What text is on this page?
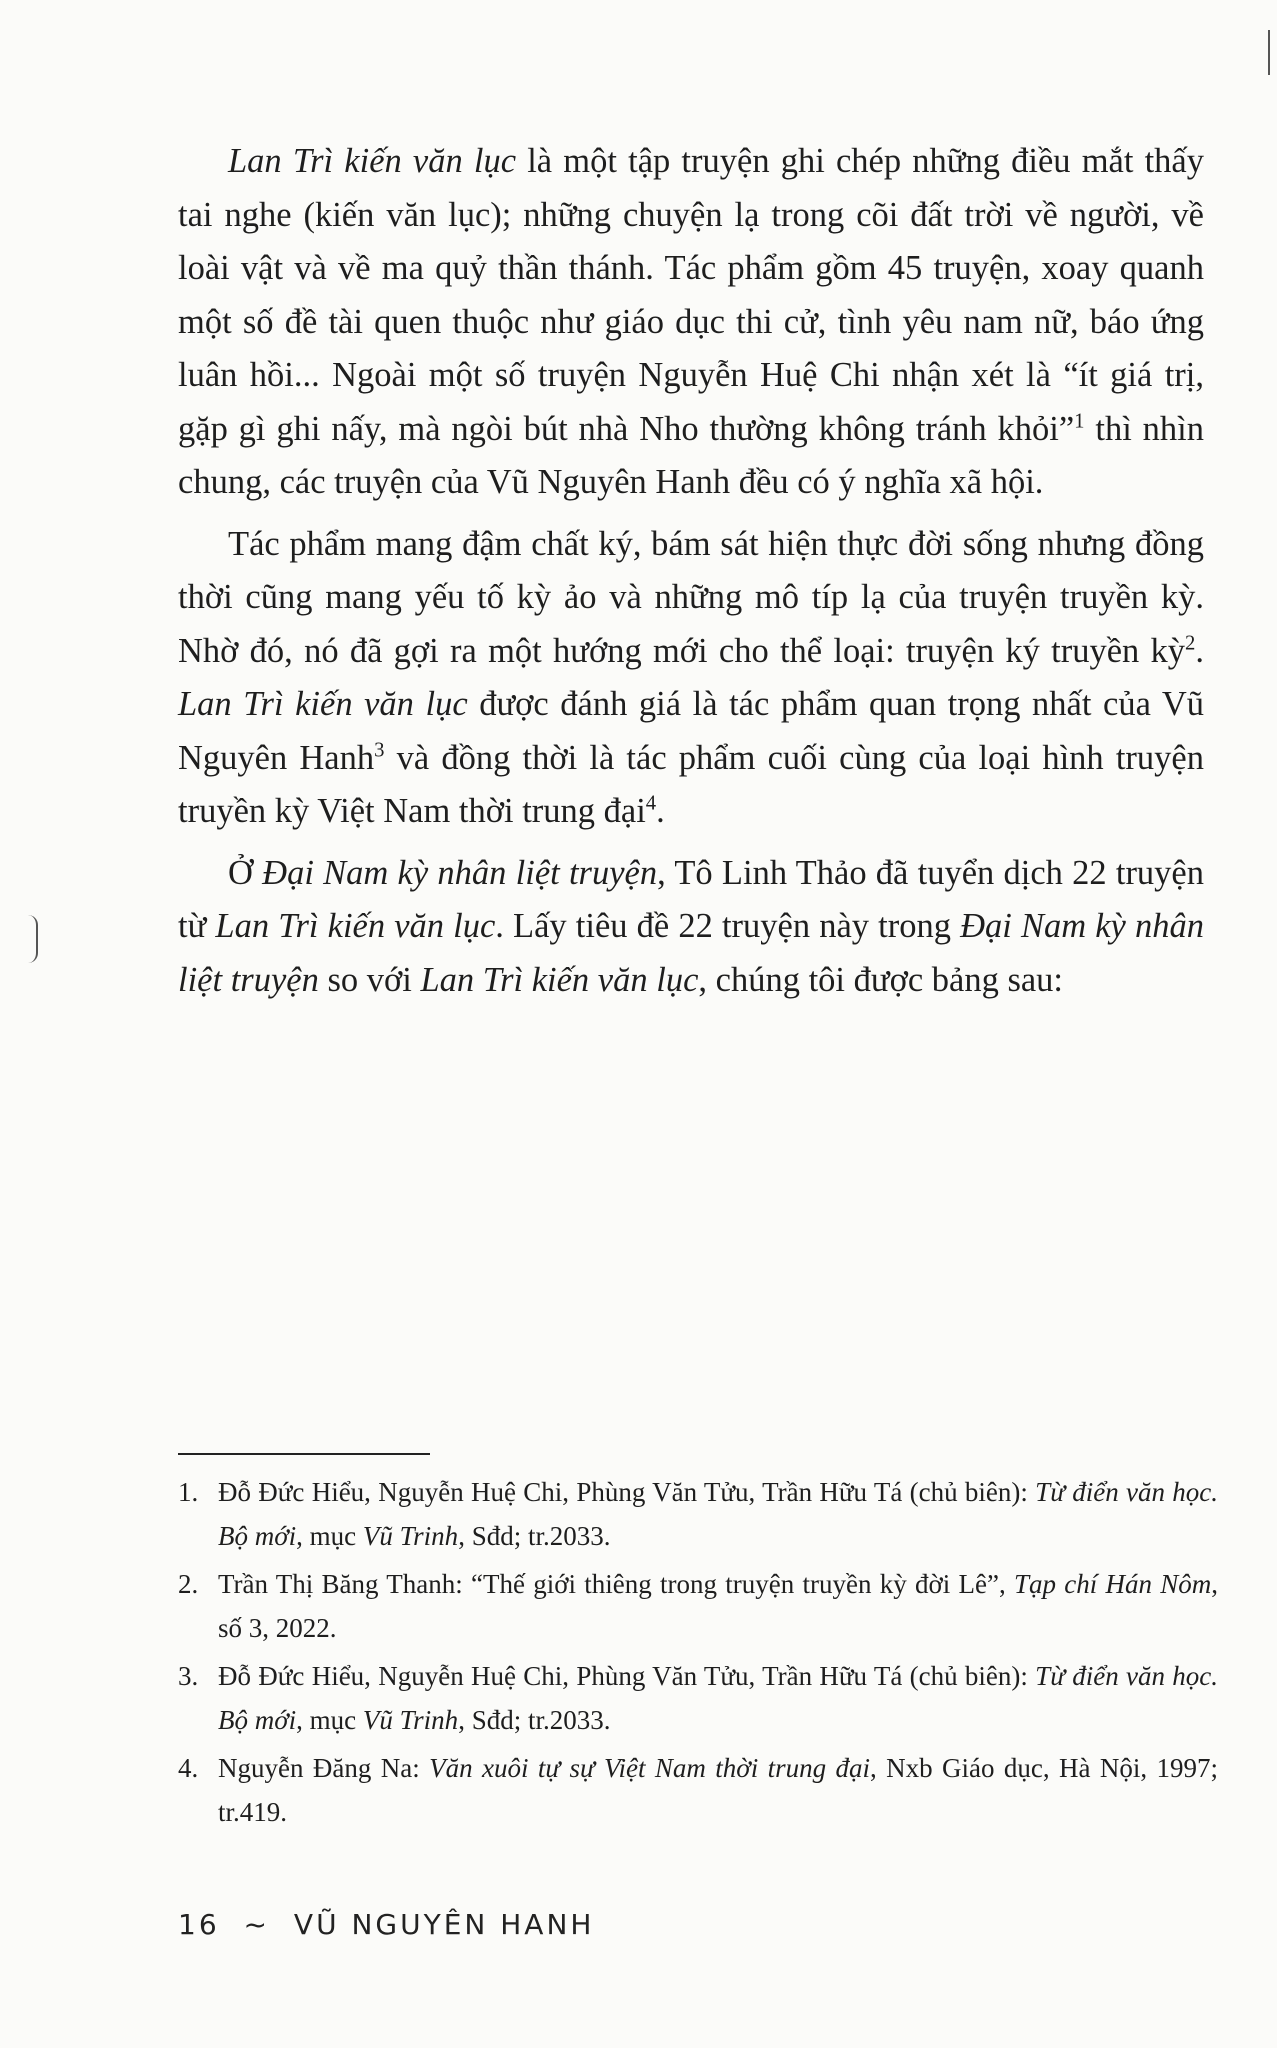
Lan Trì kiến văn lục là một tập truyện ghi chép những điều mắt thấy tai nghe (kiến văn lục); những chuyện lạ trong cõi đất trời về người, về loài vật và về ma quỷ thần thánh. Tác phẩm gồm 45 truyện, xoay quanh một số đề tài quen thuộc như giáo dục thi cử, tình yêu nam nữ, báo ứng luân hồi... Ngoài một số truyện Nguyễn Huệ Chi nhận xét là “ít giá trị, gặp gì ghi nấy, mà ngòi bút nhà Nho thường không tránh khỏi”$^1$ thì nhìn chung, các truyện của Vũ Nguyên Hanh đều có ý nghĩa xã hội.

Tác phẩm mang đậm chất ký, bám sát hiện thực đời sống nhưng đồng thời cũng mang yếu tố kỳ ảo và những mô típ lạ của truyện truyền kỳ. Nhờ đó, nó đã gợi ra một hướng mới cho thể loại: truyện ký truyền kỳ$^2$. Lan Trì kiến văn lục được đánh giá là tác phẩm quan trọng nhất của Vũ Nguyên Hanh$^3$ và đồng thời là tác phẩm cuối cùng của loại hình truyện truyền kỳ Việt Nam thời trung đại$^4$.

Ở Đại Nam kỳ nhân liệt truyện, Tô Linh Thảo đã tuyển dịch 22 truyện từ Lan Trì kiến văn lục. Lấy tiêu đề 22 truyện này trong Đại Nam kỳ nhân liệt truyện so với Lan Trì kiến văn lục, chúng tôi được bảng sau:

1. Đỗ Đức Hiểu, Nguyễn Huệ Chi, Phùng Văn Tửu, Trần Hữu Tá (chủ biên): Từ điển văn học. Bộ mới, mục Vũ Trinh, Sđd; tr.2033.
2. Trần Thị Băng Thanh: “Thế giới thiêng trong truyện truyền kỳ đời Lê”, Tạp chí Hán Nôm, số 3, 2022.
3. Đỗ Đức Hiểu, Nguyễn Huệ Chi, Phùng Văn Tửu, Trần Hữu Tá (chủ biên): Từ điển văn học. Bộ mới, mục Vũ Trinh, Sđd; tr.2033.
4. Nguyễn Đăng Na: Văn xuôi tự sự Việt Nam thời trung đại, Nxb Giáo dục, Hà Nội, 1997; tr.419.
16 ~ VŨ NGUYÊN HANH
